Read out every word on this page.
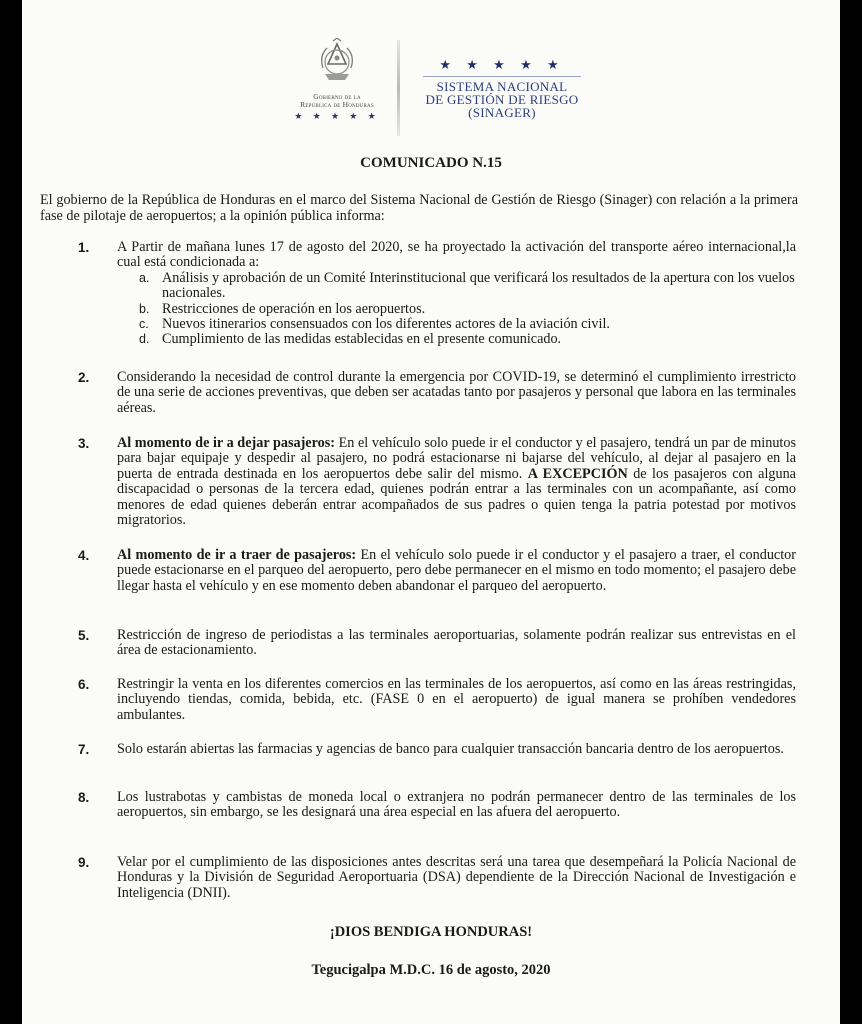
Gobierno de la
República de Honduras
★ ★ ★ ★ ★
★ ★ ★ ★ ★
SISTEMA NACIONAL
DE GESTIÓN DE RIESGO
(SINAGER)
COMUNICADO N.15
El gobierno de la República de Honduras en el marco del Sistema Nacional de Gestión de Riesgo (Sinager) con relación a la primera fase de pilotaje de aeropuertos; a la opinión pública informa:
1. A Partir de mañana lunes 17 de agosto del 2020, se ha proyectado la activación del transporte aéreo internacional,la cual está condicionada a:
a. Análisis y aprobación de un Comité Interinstitucional que verificará los resultados de la apertura con los vuelos nacionales.
b. Restricciones de operación en los aeropuertos.
c. Nuevos itinerarios consensuados con los diferentes actores de la aviación civil.
d. Cumplimiento de las medidas establecidas en el presente comunicado.
2. Considerando la necesidad de control durante la emergencia por COVID-19, se determinó el cumplimiento irrestricto de una serie de acciones preventivas, que deben ser acatadas tanto por pasajeros y personal que labora en las terminales aéreas.
3. Al momento de ir a dejar pasajeros: En el vehículo solo puede ir el conductor y el pasajero, tendrá un par de minutos para bajar equipaje y despedir al pasajero, no podrá estacionarse ni bajarse del vehículo, al dejar al pasajero en la puerta de entrada destinada en los aeropuertos debe salir del mismo. A EXCEPCIÓN de los pasajeros con alguna discapacidad o personas de la tercera edad, quienes podrán entrar a las terminales con un acompañante, así como menores de edad quienes deberán entrar acompañados de sus padres o quien tenga la patria potestad por motivos migratorios.
4. Al momento de ir a traer de pasajeros: En el vehículo solo puede ir el conductor y el pasajero a traer, el conductor puede estacionarse en el parqueo del aeropuerto, pero debe permanecer en el mismo en todo momento; el pasajero debe llegar hasta el vehículo y en ese momento deben abandonar el parqueo del aeropuerto.
5. Restricción de ingreso de periodistas a las terminales aeroportuarias, solamente podrán realizar sus entrevistas en el área de estacionamiento.
6. Restringir la venta en los diferentes comercios en las terminales de los aeropuertos, así como en las áreas restringidas, incluyendo tiendas, comida, bebida, etc. (FASE 0 en el aeropuerto) de igual manera se prohíben vendedores ambulantes.
7. Solo estarán abiertas las farmacias y agencias de banco para cualquier transacción bancaria dentro de los aeropuertos.
8. Los lustrabotas y cambistas de moneda local o extranjera no podrán permanecer dentro de las terminales de los aeropuertos, sin embargo, se les designará una área especial en las afuera del aeropuerto.
9. Velar por el cumplimiento de las disposiciones antes descritas será una tarea que desempeñará la Policía Nacional de Honduras y la División de Seguridad Aeroportuaria (DSA) dependiente de la Dirección Nacional de Investigación e Inteligencia (DNII).
¡DIOS BENDIGA HONDURAS!
Tegucigalpa M.D.C. 16 de agosto, 2020
